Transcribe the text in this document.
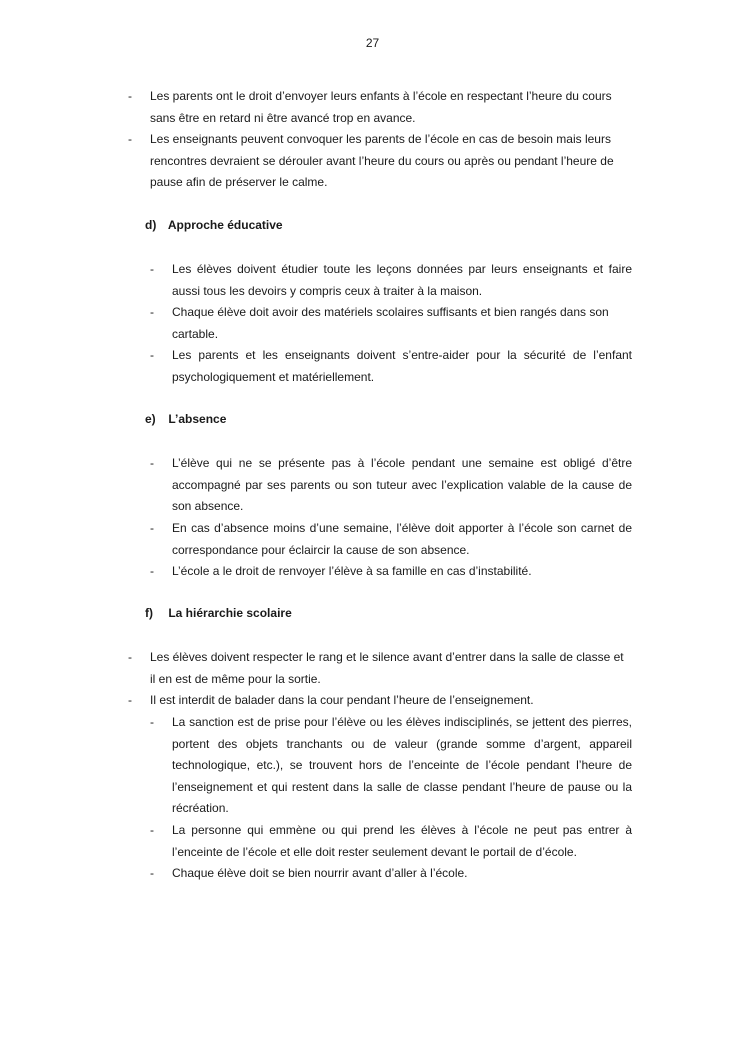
27
- Les parents ont le droit d’envoyer leurs enfants à l’école en respectant l’heure du cours sans être en retard ni être avancé trop en avance.
- Les enseignants peuvent convoquer les parents de l’école en cas de besoin mais leurs rencontres devraient se dérouler avant l’heure du cours ou après ou pendant l’heure de pause afin de préserver le calme.
d) Approche éducative
- Les élèves doivent étudier toute les leçons données par leurs enseignants et faire aussi tous les devoirs y compris ceux à traiter à la maison.
- Chaque élève doit avoir des matériels scolaires suffisants et bien rangés dans son cartable.
- Les parents et les enseignants doivent s’entre-aider pour la sécurité de l’enfant psychologiquement et matériellement.
e) L’absence
- L’élève qui ne se présente pas à l’école pendant une semaine est obligé d’être accompagné par ses parents ou son tuteur avec l’explication valable de la cause de son absence.
- En cas d’absence moins d’une semaine, l’élève doit apporter à l’école son carnet de correspondance pour éclaircir la cause de son absence.
- L’école a le droit de renvoyer l’élève à sa famille en cas d’instabilité.
f) La hiérarchie scolaire
- Les élèves doivent respecter le rang et le silence avant d’entrer dans la salle de classe et il en est de même pour la sortie.
- Il est interdit de balader dans la cour pendant l’heure de l’enseignement.
- La sanction est de prise pour l’élève ou les élèves indisciplinés, se jettent des pierres, portent des objets tranchants ou de valeur (grande somme d’argent, appareil technologique, etc.), se trouvent hors de l’enceinte de l’école pendant l’heure de l’enseignement et qui restent dans la salle de classe pendant l’heure de pause ou la récréation.
- La personne qui emmène ou qui prend les élèves à l’école ne peut pas entrer à l’enceinte de l’école et elle doit rester seulement devant le portail de d’école.
- Chaque élève doit se bien nourrir avant d’aller à l’école.
